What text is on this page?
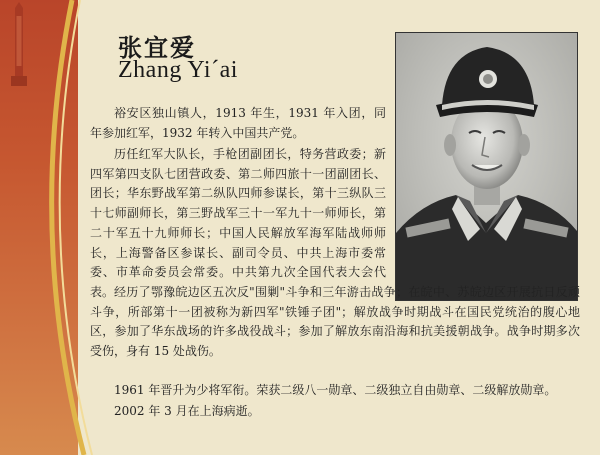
张宜爱
Zhang Yi´ai

裕安区独山镇人，1913 年生，1931 年入团，同年参加红军，1932 年转入中国共产党。

历任红军大队长，手枪团副团长，特务营政委；新四军第四支队七团营政委、第二师四旅十一团副团长、团长；华东野战军第二纵队四师参谋长，第十三纵队三十七师副师长，第三野战军三十一军九十一师师长，第二十军五十九师师长；中国人民解放军海军陆战师师长，上海警备区参谋长、副司令员、中共上海市委常委、市革命委员会常委。中共第九次全国代表大会代表。 经历了鄂豫皖边区五次反"围剿"斗争和三年游击战争；在皖中、苏皖边区开展抗日反顽斗争，所部第十一团被称为新四军"铁锤子团"；解放战争时期战斗在国民党统治的腹心地区，参加了华东战场的许多战役战斗；参加了解放东南沿海和抗美援朝战争。战争时期多次受伤，身有 15 处战伤。

1961 年晋升为少将军衔。荣获二级八一勋章、二级独立自由勋章、二级解放勋章。

2002 年 3 月在上海病逝。
